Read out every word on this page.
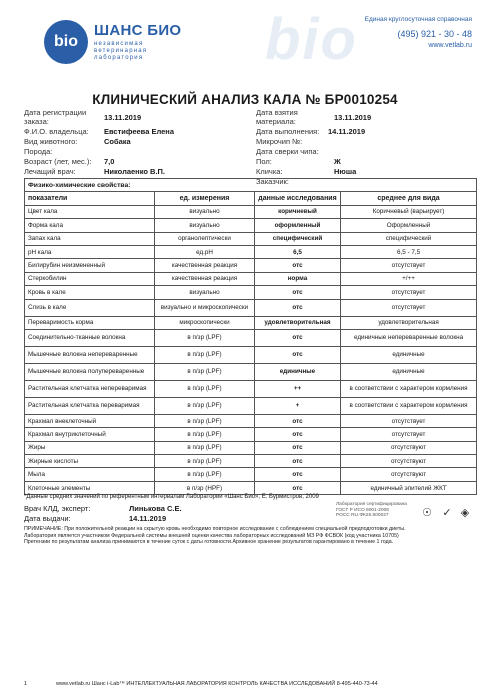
bio
bio
ШАНС БИО
независимая
ветеринарная
лаборатория
Единая круглосуточная справочная
(495) 921 - 30 - 48
www.vetlab.ru
КЛИНИЧЕСКИЙ АНАЛИЗ КАЛА № БР0010254
Дата регистрации	Дата взятия
заказа:	13.11.2019	материала:	13.11.2019
Ф.И.О. владельца: Евстифеева Елена	Дата выполнения: 14.11.2019
Вид животного:	Собака	Микрочип №:
Порода:	Дата сверки чипа:
Возраст (лет, мес.): 7,0	Пол:	Ж
Лечащий врач:	Николаенко В.П.	Кличка:	Нюша
Заказчик:
Физико-химические свойства:			
показатели	ед. измерения	данные исследования	среднее для вида
Цвет кала	визуально	коричневый	Коричневый (варьирует)
Форма кала	визуально	оформленный	Оформленный
Запах кала	органолептически	специфический	специфический
pH кала	ед.pH	6,5	6,5 - 7,5
Билирубин неизмененный	качественная реакция	отс	отсутствует
Стеркобилин	качественная реакция	норма	+/++
Кровь в кале	визуально	отс	отсутствует
Слизь в кале	визуально и микроскопически	отс	отсутствует
Переваримость корма	микроскопически	удовлетворительная	удовлетворительная
Соединительно-тканные волокна	в п/зр (LPF)	отс	единичные непереваренные волокна
Мышечные волокна непереваренные	в п/зр (LPF)	отс	единичные
Мышечные волокна полупереваренные	в п/зр (LPF)	единичные	единичные
Растительная клетчатка непереваримая	в п/зр (LPF)	++	в соответствии с характером кормления
Растительная клетчатка переваримая	в п/зр (LPF)	+	в соответствии с характером кормления
Крахмал внеклеточный	в п/зр (LPF)	отс	отсутствует
Крахмал внутриклеточный	в п/зр (LPF)	отс	отсутствует
Жиры	в п/зр (LPF)	отс	отсутствуют
Жирные кислоты	в п/зр (LPF)	отс	отсутствуют
Мыла	в п/зр (LPF)	отс	отсутствуют
Клеточные элементы	в п/зр (HPF)	отс	единичный эпителий ЖКТ
*Данные средних значений по референтным интервалам Лаборатории «Шанс Био», Е. Бурмистров, 2009
Врач КЛД, эксперт:	Линькова С.Е.
Дата выдачи:	14.11.2019
Лаборатория сертифицирована
ГОСТ Р ИСО 9001-2008
РОСС RU.ФК25.К00027	☉ ✓ ◈
ПРИМЕЧАНИЕ: При положительной реакции на скрытую кровь необходимо повторное исследование с соблюдением специальной предподготовки диеты.
Лаборатория является участником Федеральной системы внешней оценки качества лабораторных исследований МЗ РФ ФСВОК (код участника 10705)
Претензии по результатам анализа принимаются в течение суток с даты готовности.Архивное хранение результатов гарантировано в течение 1 года.
1	www.vetlab.ru Шанс i-Lab™ ИНТЕЛЛЕКТУАЛЬНАЯ ЛАБОРАТОРИЯ КОНТРОЛЬ КАЧЕСТВА ИССЛЕДОВАНИЙ 8-495-440-73-44
